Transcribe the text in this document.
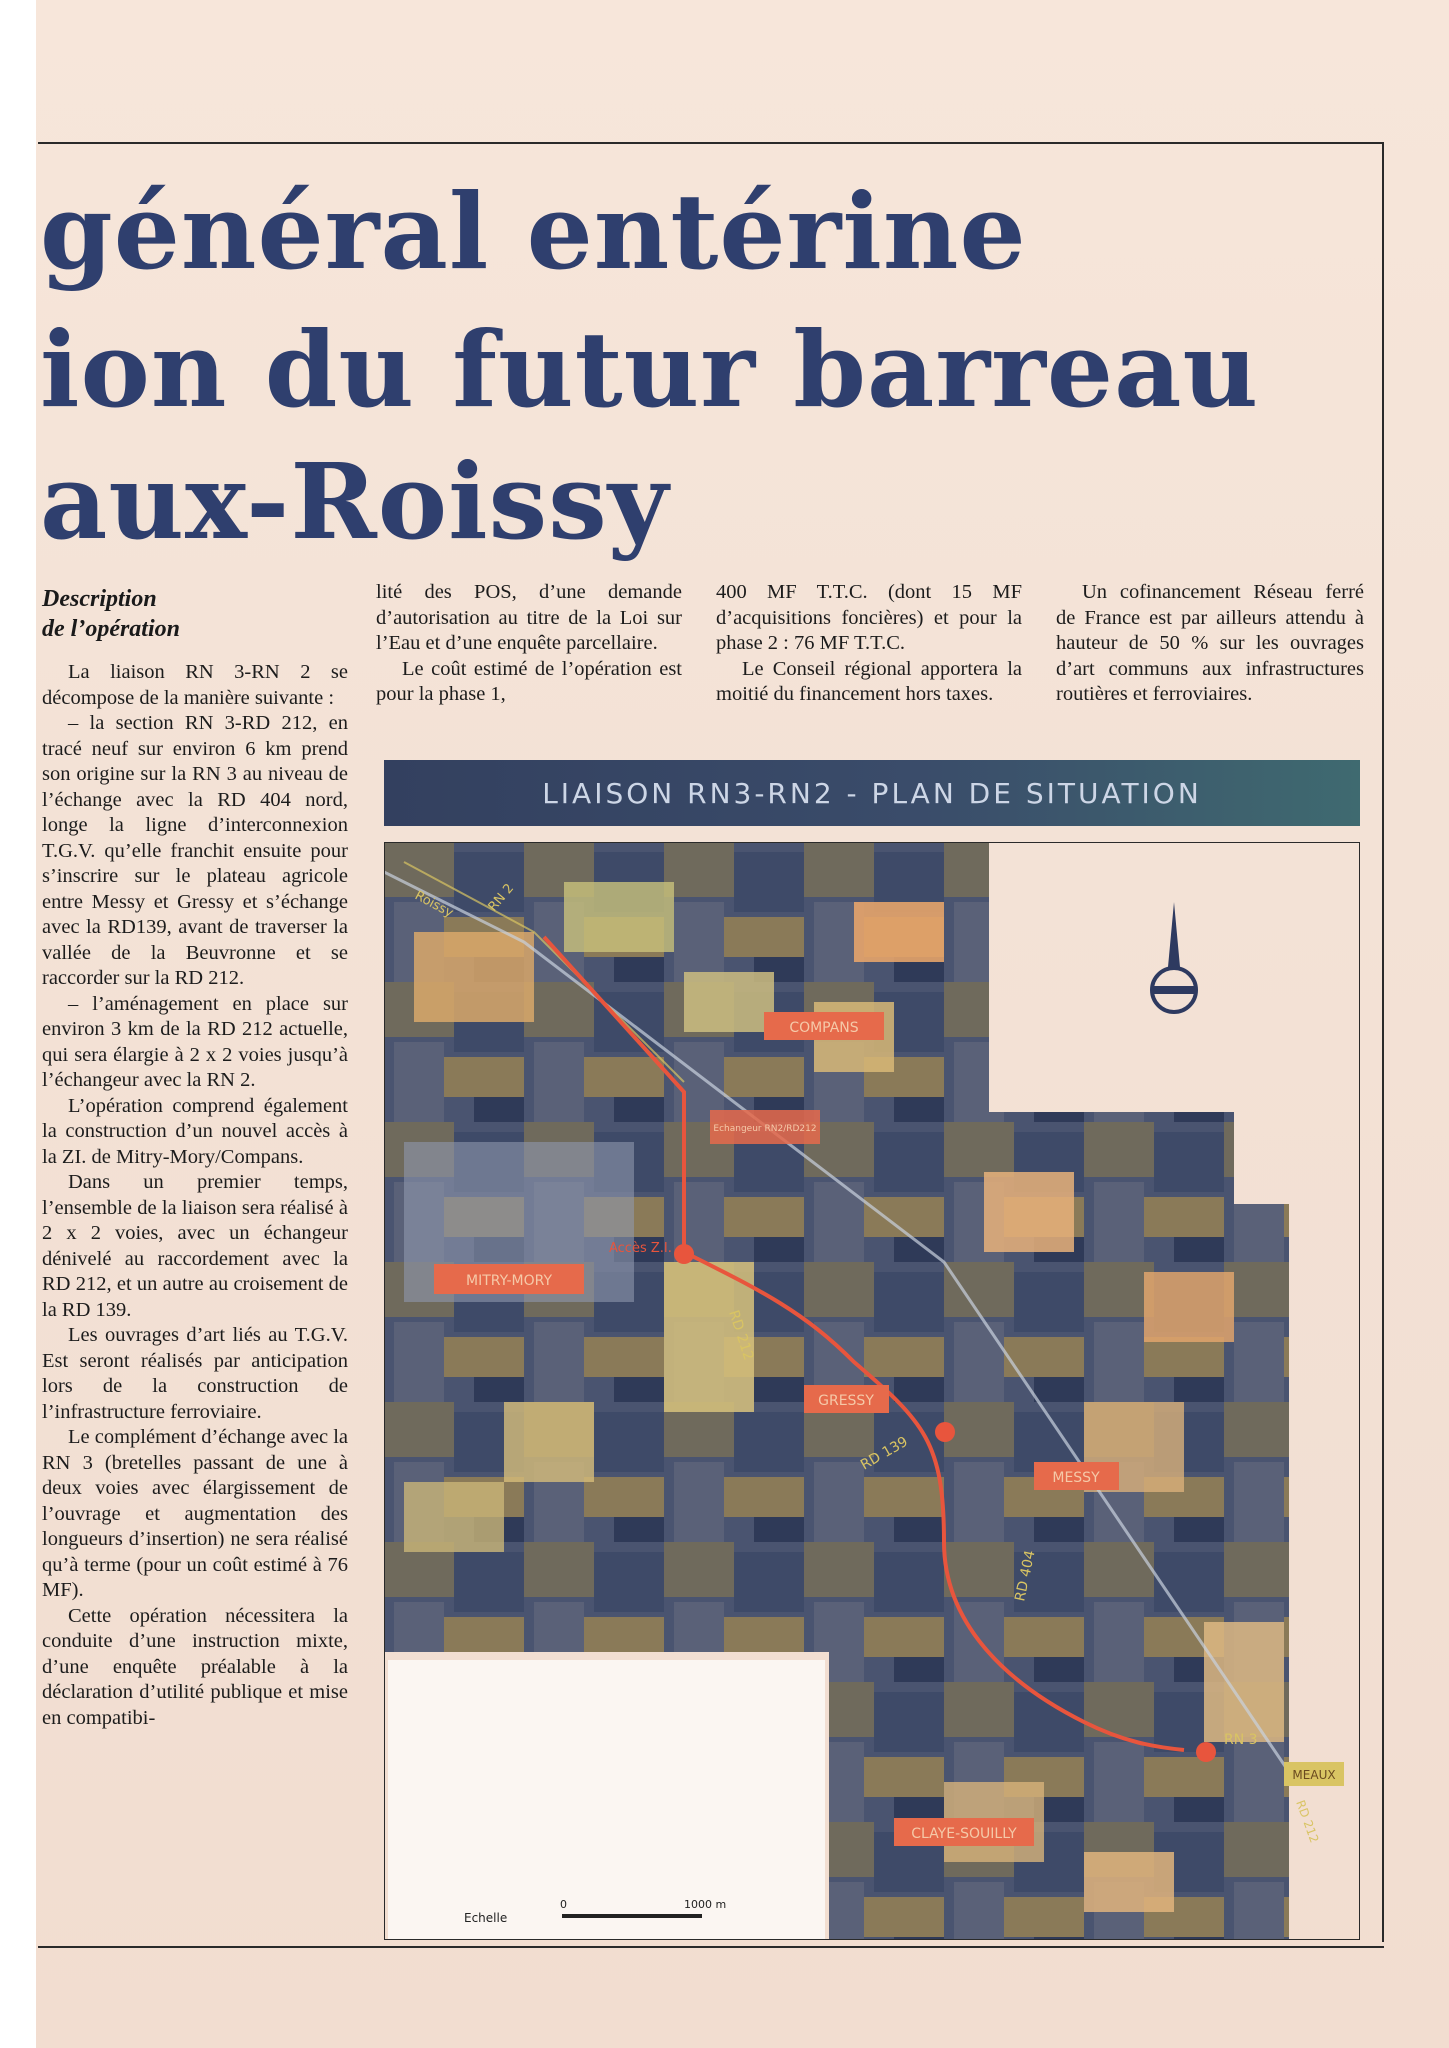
général entérine
ion du futur barreau
aux-Roissy
Description
de l’opération

La liaison RN 3-RN 2 se décompose de la manière suivante :

– la section RN 3-RD 212, en tracé neuf sur environ 6 km prend son origine sur la RN 3 au niveau de l’échange avec la RD 404 nord, longe la ligne d’interconnexion T.G.V. qu’elle franchit ensuite pour s’inscrire sur le plateau agricole entre Messy et Gressy et s’échange avec la RD139, avant de traverser la vallée de la Beuvronne et se raccorder sur la RD 212.

– l’aménagement en place sur environ 3 km de la RD 212 actuelle, qui sera élargie à 2 x 2 voies jusqu’à l’échangeur avec la RN 2.

L’opération comprend également la construction d’un nouvel accès à la ZI. de Mitry-Mory/Compans.

Dans un premier temps, l’ensemble de la liaison sera réalisé à 2 x 2 voies, avec un échangeur dénivelé au raccordement avec la RD 212, et un autre au croisement de la RD 139.

Les ouvrages d’art liés au T.G.V. Est seront réalisés par anticipation lors de la construction de l’infrastructure ferroviaire.

Le complément d’échange avec la RN 3 (bretelles passant de une à deux voies avec élargissement de l’ouvrage et augmentation des longueurs d’insertion) ne sera réalisé qu’à terme (pour un coût estimé à 76 MF).

Cette opération nécessitera la conduite d’une instruction mixte, d’une enquête préalable à la déclaration d’utilité publique et mise en compatibi-

lité des POS, d’une demande d’autorisation au titre de la Loi sur l’Eau et d’une enquête parcellaire.

Le coût estimé de l’opération est pour la phase 1,

400 MF T.T.C. (dont 15 MF d’acquisitions foncières) et pour la phase 2 : 76 MF T.T.C.

Le Conseil régional apportera la moitié du financement hors taxes.

Un cofinancement Réseau ferré de France est par ailleurs attendu à hauteur de 50 % sur les ouvrages d’art communs aux infrastructures routières et ferroviaires.

LIAISON RN3-RN2 - PLAN DE SITUATION
COMPANS
MITRY-MORY
GRESSY
MESSY
CLAYE-SOUILLY
MEAUX
Echangeur RN2/RD212
Roissy RN 2
Accès Z.I.
RD 212
RD 139
RD 404
RN 3
RD 212
Echelle
0	1000 m
